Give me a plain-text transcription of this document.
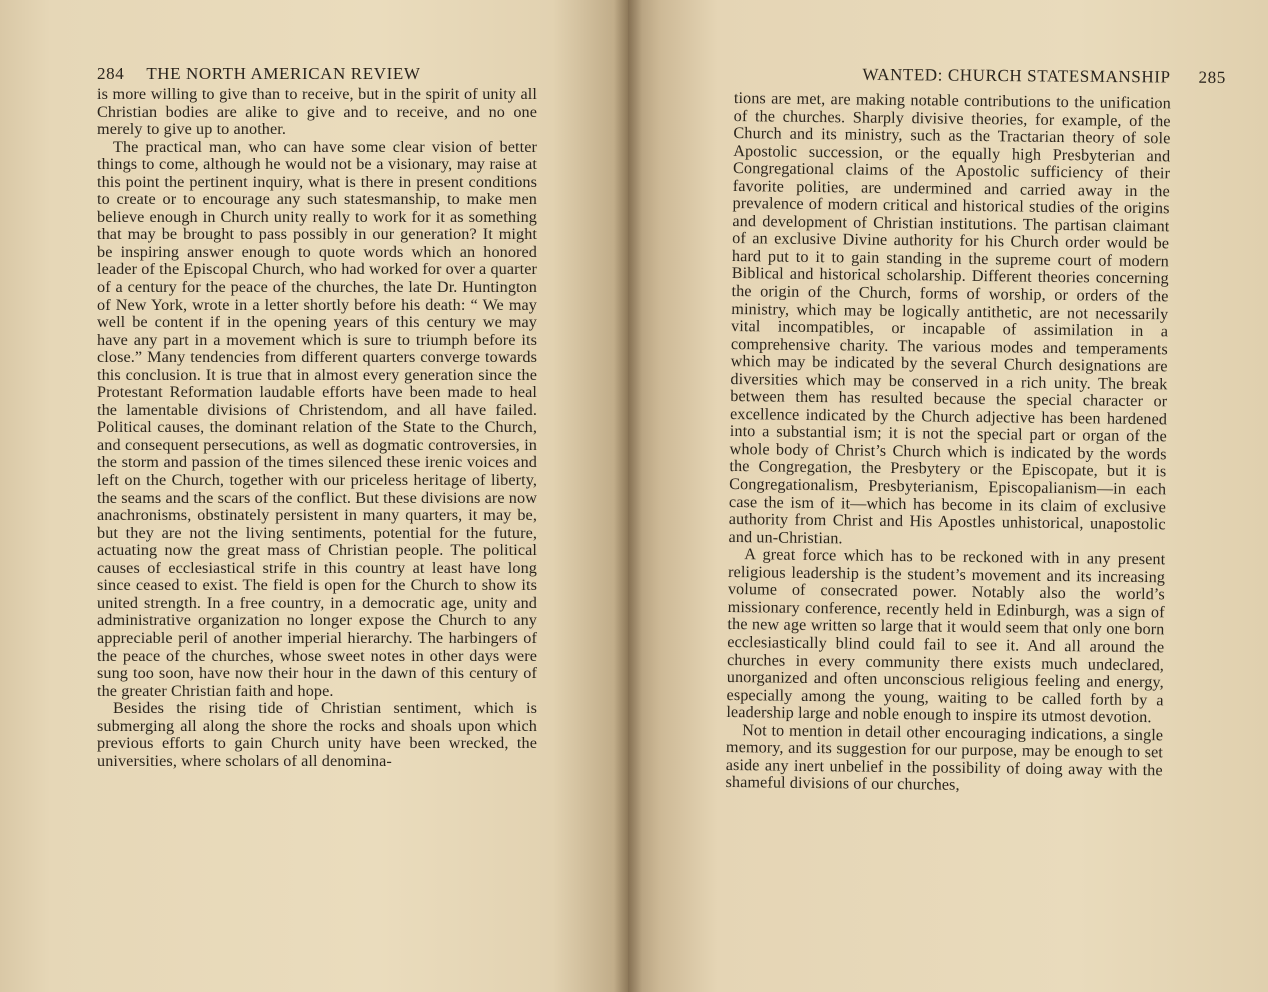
284 THE NORTH AMERICAN REVIEW

is more willing to give than to receive, but in the spirit of unity all Christian bodies are alike to give and to receive, and no one merely to give up to another.

The practical man, who can have some clear vision of better things to come, although he would not be a visionary, may raise at this point the pertinent inquiry, what is there in present conditions to create or to encourage any such statesmanship, to make men believe enough in Church unity really to work for it as something that may be brought to pass possibly in our generation? It might be inspiring answer enough to quote words which an honored leader of the Episcopal Church, who had worked for over a quarter of a century for the peace of the churches, the late Dr. Huntington of New York, wrote in a letter shortly before his death: “ We may well be content if in the opening years of this century we may have any part in a movement which is sure to triumph before its close.” Many tendencies from different quarters converge towards this conclusion. It is true that in almost every generation since the Protestant Reformation laudable efforts have been made to heal the lamentable divisions of Christendom, and all have failed. Political causes, the dominant relation of the State to the Church, and consequent persecutions, as well as dogmatic controversies, in the storm and passion of the times silenced these irenic voices and left on the Church, together with our priceless heritage of liberty, the seams and the scars of the conflict. But these divisions are now anachronisms, obstinately persistent in many quarters, it may be, but they are not the living sentiments, potential for the future, actuating now the great mass of Christian people. The political causes of ecclesiastical strife in this country at least have long since ceased to exist. The field is open for the Church to show its united strength. In a free country, in a democratic age, unity and administrative organization no longer expose the Church to any appreciable peril of another imperial hierarchy. The harbingers of the peace of the churches, whose sweet notes in other days were sung too soon, have now their hour in the dawn of this century of the greater Christian faith and hope.

Besides the rising tide of Christian sentiment, which is submerging all along the shore the rocks and shoals upon which previous efforts to gain Church unity have been wrecked, the universities, where scholars of all denomina-

WANTED: CHURCH STATESMANSHIP 285

tions are met, are making notable contributions to the unification of the churches. Sharply divisive theories, for example, of the Church and its ministry, such as the Tractarian theory of sole Apostolic succession, or the equally high Presbyterian and Congregational claims of the Apostolic sufficiency of their favorite polities, are undermined and carried away in the prevalence of modern critical and historical studies of the origins and development of Christian institutions. The partisan claimant of an exclusive Divine authority for his Church order would be hard put to it to gain standing in the supreme court of modern Biblical and historical scholarship. Different theories concerning the origin of the Church, forms of worship, or orders of the ministry, which may be logically antithetic, are not necessarily vital incompatibles, or incapable of assimilation in a comprehensive charity. The various modes and temperaments which may be indicated by the several Church designations are diversities which may be conserved in a rich unity. The break between them has resulted because the special character or excellence indicated by the Church adjective has been hardened into a substantial ism; it is not the special part or organ of the whole body of Christ’s Church which is indicated by the words the Congregation, the Presbytery or the Episcopate, but it is Congregationalism, Presbyterianism, Episcopalianism—in each case the ism of it—which has become in its claim of exclusive authority from Christ and His Apostles unhistorical, unapostolic and un-Christian.

A great force which has to be reckoned with in any present religious leadership is the student’s movement and its increasing volume of consecrated power. Notably also the world’s missionary conference, recently held in Edinburgh, was a sign of the new age written so large that it would seem that only one born ecclesiastically blind could fail to see it. And all around the churches in every community there exists much undeclared, unorganized and often unconscious religious feeling and energy, especially among the young, waiting to be called forth by a leadership large and noble enough to inspire its utmost devotion.

Not to mention in detail other encouraging indications, a single memory, and its suggestion for our purpose, may be enough to set aside any inert unbelief in the possibility of doing away with the shameful divisions of our churches,
